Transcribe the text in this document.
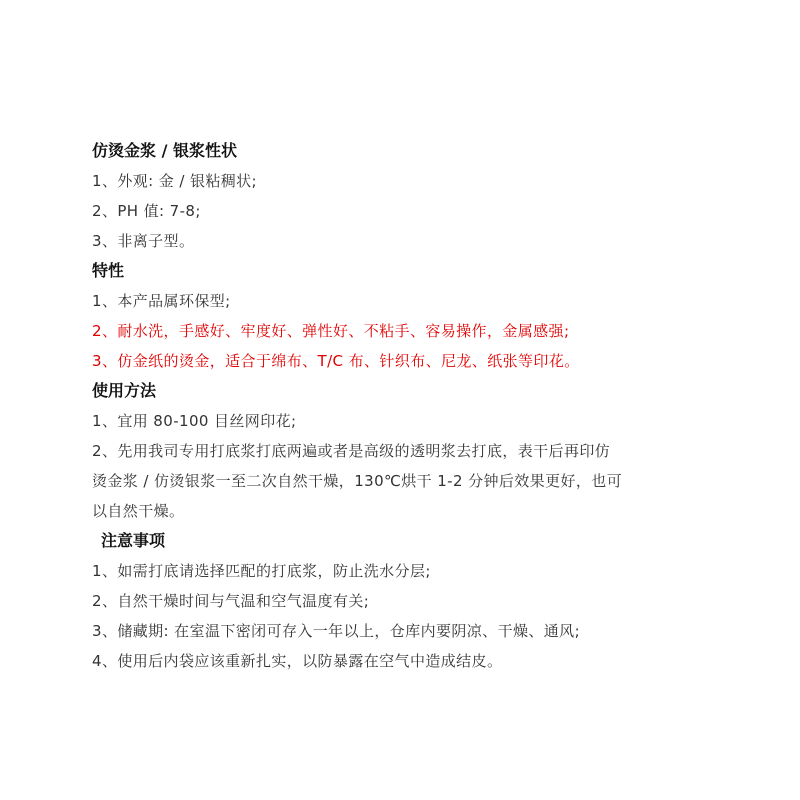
仿烫金浆 / 银浆性状
1、外观: 金 / 银粘稠状;
2、PH 值: 7-8;
3、非离子型。
特性
1、本产品属环保型;
2、耐水洗，手感好、牢度好、弹性好、不粘手、容易操作，金属感强;
3、仿金纸的烫金，适合于绵布、T/C 布、针织布、尼龙、纸张等印花。
使用方法
1、宜用 80-100 目丝网印花;
2、先用我司专用打底浆打底两遍或者是高级的透明浆去打底，表干后再印仿
烫金浆 / 仿烫银浆一至二次自然干燥，130℃烘干 1-2 分钟后效果更好，也可
以自然干燥。
注意事项
1、如需打底请选择匹配的打底浆，防止洗水分层;
2、自然干燥时间与气温和空气温度有关;
3、储藏期: 在室温下密闭可存入一年以上，仓库内要阴凉、干燥、通风;
4、使用后内袋应该重新扎实，以防暴露在空气中造成结皮。
